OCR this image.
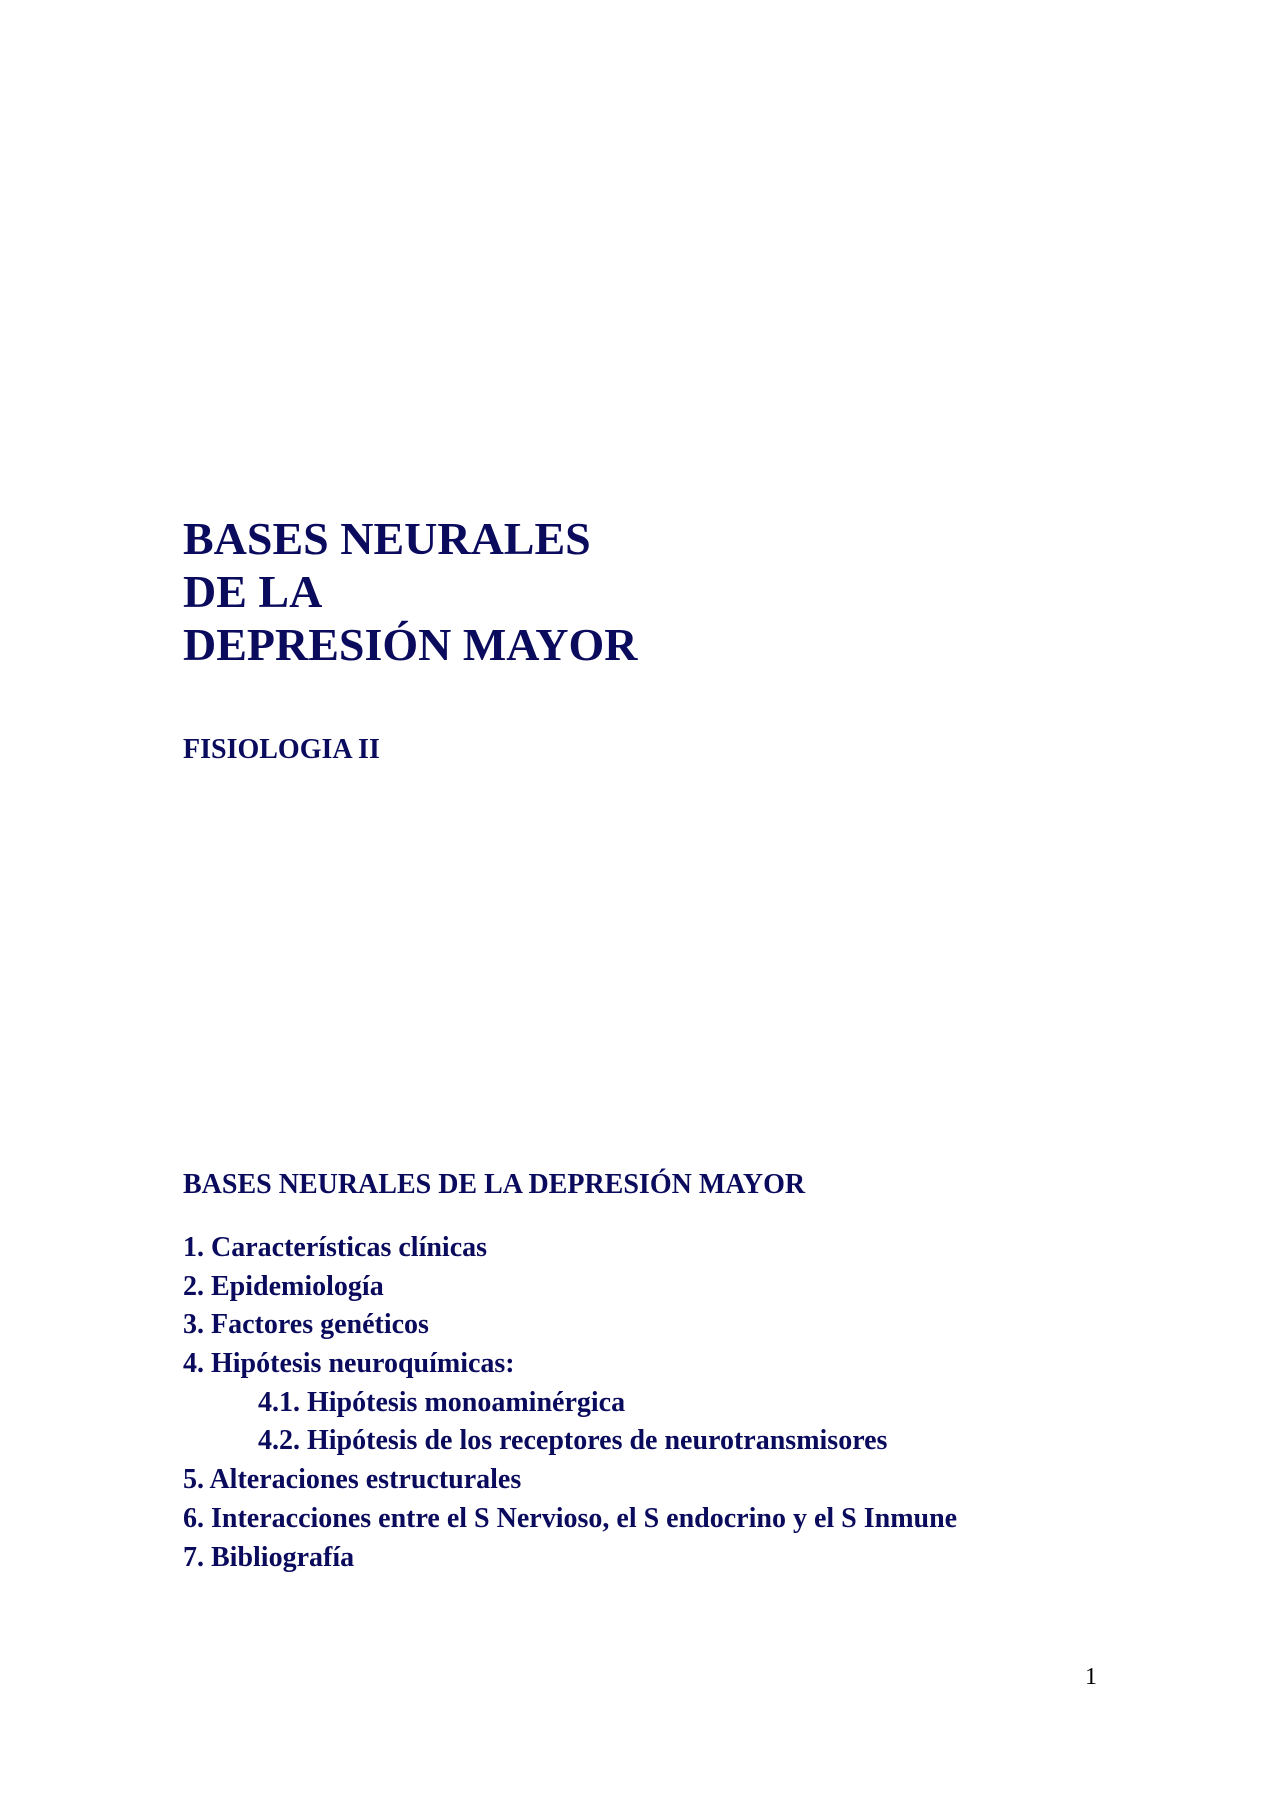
BASES NEURALES
DE LA
DEPRESIÓN MAYOR

FISIOLOGIA II

BASES NEURALES DE LA DEPRESIÓN MAYOR

1. Características clínicas
2. Epidemiología
3. Factores genéticos
4. Hipótesis neuroquímicas:
4.1. Hipótesis monoaminérgica
4.2. Hipótesis de los receptores de neurotransmisores
5. Alteraciones estructurales
6. Interacciones entre el S Nervioso, el S endocrino y el S Inmune
7. Bibliografía
1
